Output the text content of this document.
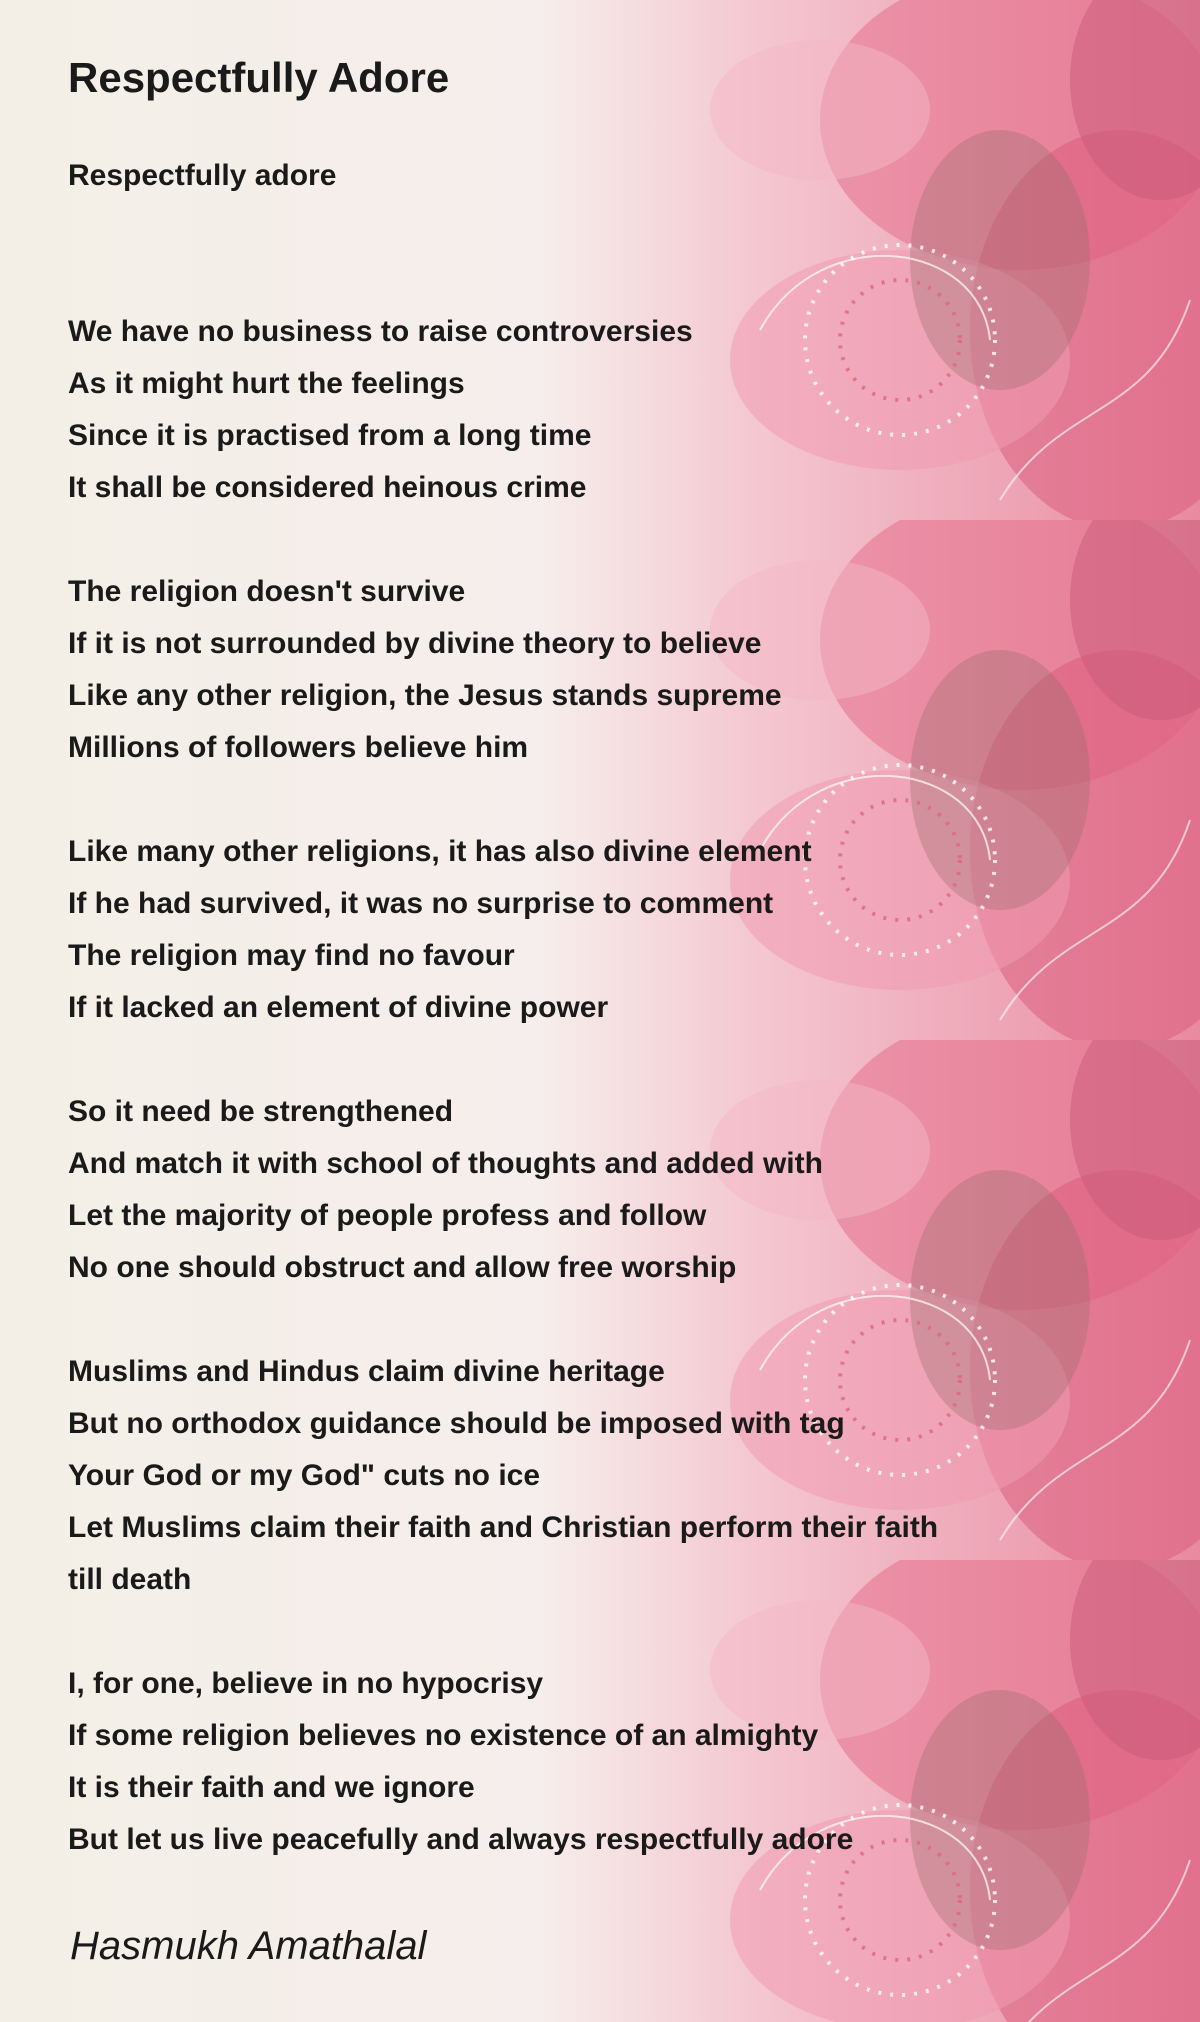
Respectfully Adore
Respectfully adore
We have no business to raise controversies
As it might hurt the feelings
Since it is practised from a long time
It shall be considered heinous crime
The religion doesn't survive
If it is not surrounded by divine theory to believe
Like any other religion, the Jesus stands supreme
Millions of followers believe him
Like many other religions, it has also divine element
If he had survived, it was no surprise to comment
The religion may find no favour
If it lacked an element of divine power
So it need be strengthened
And match it with school of thoughts and added with
Let the majority of people profess and follow
No one should obstruct and allow free worship
Muslims and Hindus claim divine heritage
But no orthodox guidance should be imposed with tag
Your God or my God" cuts no ice
Let Muslims claim their faith and Christian perform their faith
till death
I, for one, believe in no hypocrisy
If some religion believes no existence of an almighty
It is their faith and we ignore
But let us live peacefully and always respectfully adore
Hasmukh Amathalal
